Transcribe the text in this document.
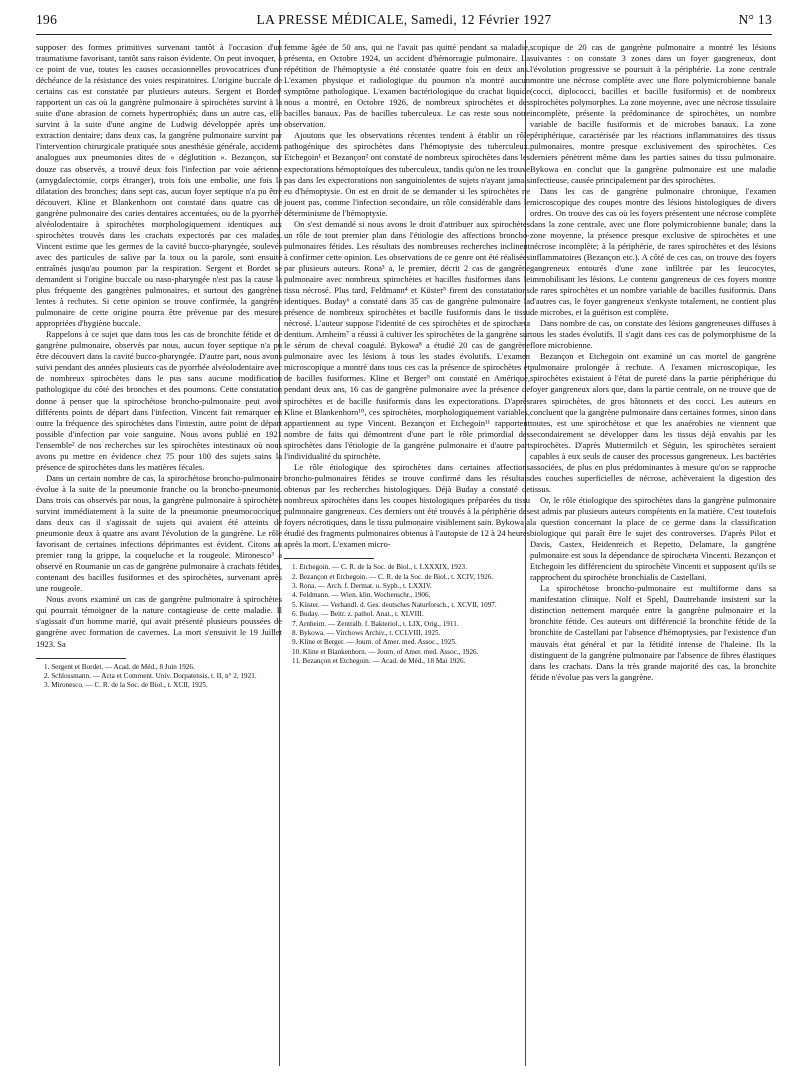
196	LA PRESSE MÉDICALE, Samedi, 12 Février 1927	N° 13

supposer des formes primitives survenant tantôt à l'occasion d'un traumatisme favorisant, tantôt sans raison évidente. On peut invoquer, à ce point de vue, toutes les causes occasionnelles provocatrices d'une déchéance de la résistance des voies respiratoires. L'origine buccale de certains cas est constatée par plusieurs auteurs. Sergent et Bordet¹ rapportent un cas où la gangrène pulmonaire à spirochètes survint à la suite d'une abrasion de cornets hypertrophiés; dans un autre cas, elle survint à la suite d'une angine de Ludwig développée après une extraction dentaire; dans deux cas, la gangrène pulmonaire survint par l'intervention chirurgicale pratiquée sous anesthésie générale, accidents analogues aux pneumonies dites de « déglutition ». Bezançon, sur douze cas observés, a trouvé deux fois l'infection par voie aérienne (amygdalectomie, corps étranger), trois fois une embolie, une fois la dilatation des bronches; dans sept cas, aucun foyer septique n'a pu être découvert. Kline et Blankenhorn ont constaté dans quatre cas de gangrène pulmonaire des caries dentaires accentuées, ou de la pyorrhée alvéolodentaire à spirochètes morphologiquement identiques aux spirochètes trouvés dans les crachats expectorés par ces malades. Vincent estime que les germes de la cavité bucco-pharyngée, soulevés avec des particules de salive par la toux ou la parole, sont ensuite entraînés jusqu'au poumon par la respiration. Sergent et Bordet se demandent si l'origine buccale ou naso-pharyngée n'est pas la cause la plus fréquente des gangrènes pulmonaires, et surtout des gangrènes lentes à rechutes. Si cette opinion se trouve confirmée, la gangrène pulmonaire de cette origine pourra être prévenue par des mesures appropriées d'hygiène buccale.

Rappelons à ce sujet que dans tous les cas de bronchite fétide et de gangrène pulmonaire, observés par nous, aucun foyer septique n'a pu être découvert dans la cavité bucco-pharyngée. D'autre part, nous avons suivi pendant des années plusieurs cas de pyorrhée alvéolodentaire avec de nombreux spirochètes dans le pus sans aucune modification pathologique du côté des bronches et des poumons. Cette constatation donne à penser que la spirochétose broncho-pulmonaire peut avoir différents points de départ dans l'infection. Vincent fait remarquer en outre la fréquence des spirochètes dans l'intestin, autre point de départ possible d'infection par voie sanguine. Nous avons publié en 1921 l'ensemble² de nos recherches sur les spirochètes intestinaux où nous avons pu mettre en évidence chez 75 pour 100 des sujets sains la présence de spirochètes dans les matières fécales.

Dans un certain nombre de cas, la spirochétose broncho-pulmonaire évolue à la suite de la pneumonie franche ou la broncho-pneumonie. Dans trois cas observés par nous, la gangrène pulmonaire à spirochètes survint immédiatement à la suite de la pneumonie pneumococcique; dans deux cas il s'agissait de sujets qui avaient été atteints de pneumonie deux à quatre ans avant l'évolution de la gangrène. Le rôle favorisant de certaines infections déprimantes est évident. Citons au premier rang la grippe, la coqueluche et la rougeole. Mironesco³ a observé en Roumanie un cas de gangrène pulmonaire à crachats fétides, contenant des bacilles fusiformes et des spirochètes, survenant après une rougeole.

Nous avons examiné un cas de gangrène pulmonaire à spirochètes qui pourrait témoigner de la nature contagieuse de cette maladie. Il s'agissait d'un homme marié, qui avait présenté plusieurs poussées de gangrène avec formation de cavernes. La mort s'ensuivit le 19 Juillet 1923. Sa

1. Sergent et Bordet. — Acad. de Méd., 8 Juin 1926.

2. Schlossmann. — Acta et Comment. Univ. Dorpatensis, t. II, n° 2, 1921.

3. Mironesco. — C. R. de la Soc. de Biol., t. XCII, 1925.

femme âgée de 50 ans, qui ne l'avait pas quitté pendant sa maladie, présenta, en Octobre 1924, un accident d'hémorragie pulmonaire. La répétition de l'hémoptysie a été constatée quatre fois en deux ans. L'examen physique et radiologique du poumon n'a montré aucun symptôme pathologique. L'examen bactériologique du crachat liquide nous a montré, en Octobre 1926, de nombreux spirochètes et des bacilles banaux. Pas de bacilles tuberculeux. Le cas reste sous notre observation.

Ajoutons que les observations récentes tendent à établir un rôle pathogénique des spirochètes dans l'hémoptysie des tuberculeux. Etchegoin¹ et Bezançon² ont constaté de nombreux spirochètes dans les expectorations hémoptoïques des tuberculeux, tandis qu'on ne les trouve pas dans les expectorations non sanguinolentes de sujets n'ayant jamais eu d'hémoptysie. On est en droit de se demander si les spirochètes ne jouent pas, comme l'infection secondaire, un rôle considérable dans le déterminisme de l'hémoptysie.

On s'est demandé si nous avons le droit d'attribuer aux spirochètes un rôle de tout premier plan dans l'étiologie des affections broncho-pulmonaires fétides. Les résultats des nombreuses recherches inclinent à confirmer cette opinion. Les observations de ce genre ont été réalisées par plusieurs auteurs. Rona³ a, le premier, décrit 2 cas de gangrène pulmonaire avec nombreux spirochètes et bacilles fusiformes dans le tissu nécrosé. Plus tard, Feldmann⁴ et Küster⁵ firent des constatations identiques. Buday⁶ a constaté dans 35 cas de gangrène pulmonaire la présence de nombreux spirochètes et bacille fusiformis dans le tissu nécrosé. L'auteur suppose l'identité de ces spirochètes et de spirochæta dentium. Arnheim⁷ a réussi à cultiver les spirochètes de la gangrène sur le sérum de cheval coagulé. Bykowa⁸ a étudié 20 cas de gangrène pulmonaire avec les lésions à tous les stades évolutifs. L'examen microscopique a montré dans tous ces cas la présence de spirochètes et de bacilles fusiformes. Kline et Berger⁹ ont constaté en Amérique, pendant deux ans, 16 cas de gangrène pulmonaire avec la présence de spirochètes et de bacille fusiformis dans les expectorations. D'après Kline et Blankenhorn¹⁰, ces spirochètes, morphologiquement variables, appartiennent au type Vincent. Bezançon et Etchegoin¹¹ rapportent nombre de faits qui démontrent d'une part le rôle primordial des spirochètes dans l'étiologie de la gangrène pulmonaire et d'autre part l'individualité du spirochète.

Le rôle étiologique des spirochètes dans certaines affections broncho-pulmonaires fétides se trouve confirmé dans les résultats obtenus par les recherches histologiques. Déjà Buday a constaté de nombreux spirochètes dans les coupes histologiques préparées du tissu pulmonaire gangreneux. Ces derniers ont été trouvés à la périphérie des foyers nécrotiques, dans le tissu pulmonaire visiblement sain. Bykowa a étudié des fragments pulmonaires obtenus à l'autopsie de 12 à 24 heures après la mort. L'examen micro-

1. Etchegoin. — C. R. de la Soc. de Biol., t. LXXXIX, 1923.

2. Bezançon et Etchegoin. — C. R. de la Soc. de Biol., t. XCIV, 1926.

3. Rona. — Arch. f. Dermat. u. Syph., t. LXXIV.

4. Feldmann. — Wien. klin. Wochenschr., 1906.

5. Küster. — Verhandl. d. Ges. deutsches Naturforsch., t. XCVII, 1097.

6. Buday. — Beitr. z. pathol. Anat., t. XLVIII.

7. Arnheim. — Zentralb. f. Bakteriol., t. LIX, Orig., 1911.

8. Bykowa. — Virchows Archiv., t. CCLVIII, 1925.

9. Kline et Berger. — Journ. of Amer. med. Assoc., 1925.

10. Kline et Blankenhorn. — Journ. of Amer. med. Assoc., 1926.

11. Bezançon et Etchegoin. — Acad. de Méd., 18 Mai 1926.

scopique de 20 cas de gangrène pulmonaire a montré les lésions suivantes : on constate 3 zones dans un foyer gangreneux, dont l'évolution progressive se poursuit à la périphérie. La zone centrale montre une nécrose complète avec une flore polymicrobienne banale (cocci, diplococci, bacilles et bacille fusiformis) et de nombreux spirochètes polymorphes. La zone moyenne, avec une nécrose tissulaire incomplète, présente la prédominance de spirochètes, un nombre variable de bacille fusiformis et de microbes banaux. La zone périphérique, caractérisée par les réactions inflammatoires des tissus pulmonaires, montre presque exclusivement des spirochètes. Ces derniers pénètrent même dans les parties saines du tissu pulmonaire. Bykowa en conclut que la gangrène pulmonaire est une maladie infectieuse, causée principalement par des spirochètes.

Dans les cas de gangrène pulmonaire chronique, l'examen microscopique des coupes montre des lésions histologiques de divers ordres. On trouve des cas où les foyers présentent une nécrose complète dans la zone centrale, avec une flore polymicrobienne banale; dans la zone moyenne, la présence presque exclusive de spirochètes et une nécrose incomplète; à la périphérie, de rares spirochètes et des lésions inflammatoires (Bezançon etc.). A côté de ces cas, on trouve des foyers gangreneux entourés d'une zone infiltrée par les leucocytes, immobilisant les lésions. Le contenu gangreneux de ces foyers montre de rares spirochètes et un nombre variable de bacilles fusiformis. Dans d'autres cas, le foyer gangreneux s'enkyste totalement, ne contient plus de microbes, et la guérison est complète.

Dans nombre de cas, on constate des lésions gangreneuses diffuses à tous les stades évolutifs. Il s'agit dans ces cas de polymorphisme de la flore microbienne.

Bezançon et Etchegoin ont examiné un cas mortel de gangrène pulmonaire prolongée à rechute. A l'examen microscopique, les spirochètes existaient à l'état de pureté dans la partie périphérique du foyer gangreneux alors que, dans la partie centrale, on ne trouve que de rares spirochètes, de gros bâtonnets et des cocci. Les auteurs en concluent que la gangrène pulmonaire dans certaines formes, sinon dans toutes, est une spirochétose et que les anaérobies ne viennent que secondairement se développer dans les tissus déjà envahis par les spirochètes. D'après Muttermilch et Séguin, les spirochètes seraient capables à eux seuls de causer des processus gangreneux. Les bactéries associées, de plus en plus prédominantes à mesure qu'on se rapproche des couches superficielles de nécrose, achèveraient la digestion des tissus.

Or, le rôle étiologique des spirochètes dans la gangrène pulmonaire est admis par plusieurs auteurs compétents en la matière. C'est toutefois la question concernant la place de ce germe dans la classification biologique qui paraît être le sujet des controverses. D'après Pilot et Davis, Castex, Heidenreich et Repetto, Delamare, la gangrène pulmonaire est sous la dépendance de spirochæta Vincenti. Bezançon et Etchegoin les différencient du spirochète Vincenti et supposent qu'ils se rapprochent du spirochète bronchialis de Castellani.

La spirochétose broncho-pulmonaire est multiforme dans sa manifestation clinique. Nolf et Spehl, Dautrebande insistent sur la distinction nettement marquée entre la gangrène pulmonaire et la bronchite fétide. Ces auteurs ont différencié la bronchite fétide de la bronchite de Castellani par l'absence d'hémoptysies, par l'existence d'un mauvais état général et par la fétidité intense de l'haleine. Ils la distinguent de la gangrène pulmonaire par l'absence de fibres élastiques dans les crachats. Dans la très grande majorité des cas, la bronchite fétide n'évolue pas vers la gangrène.
